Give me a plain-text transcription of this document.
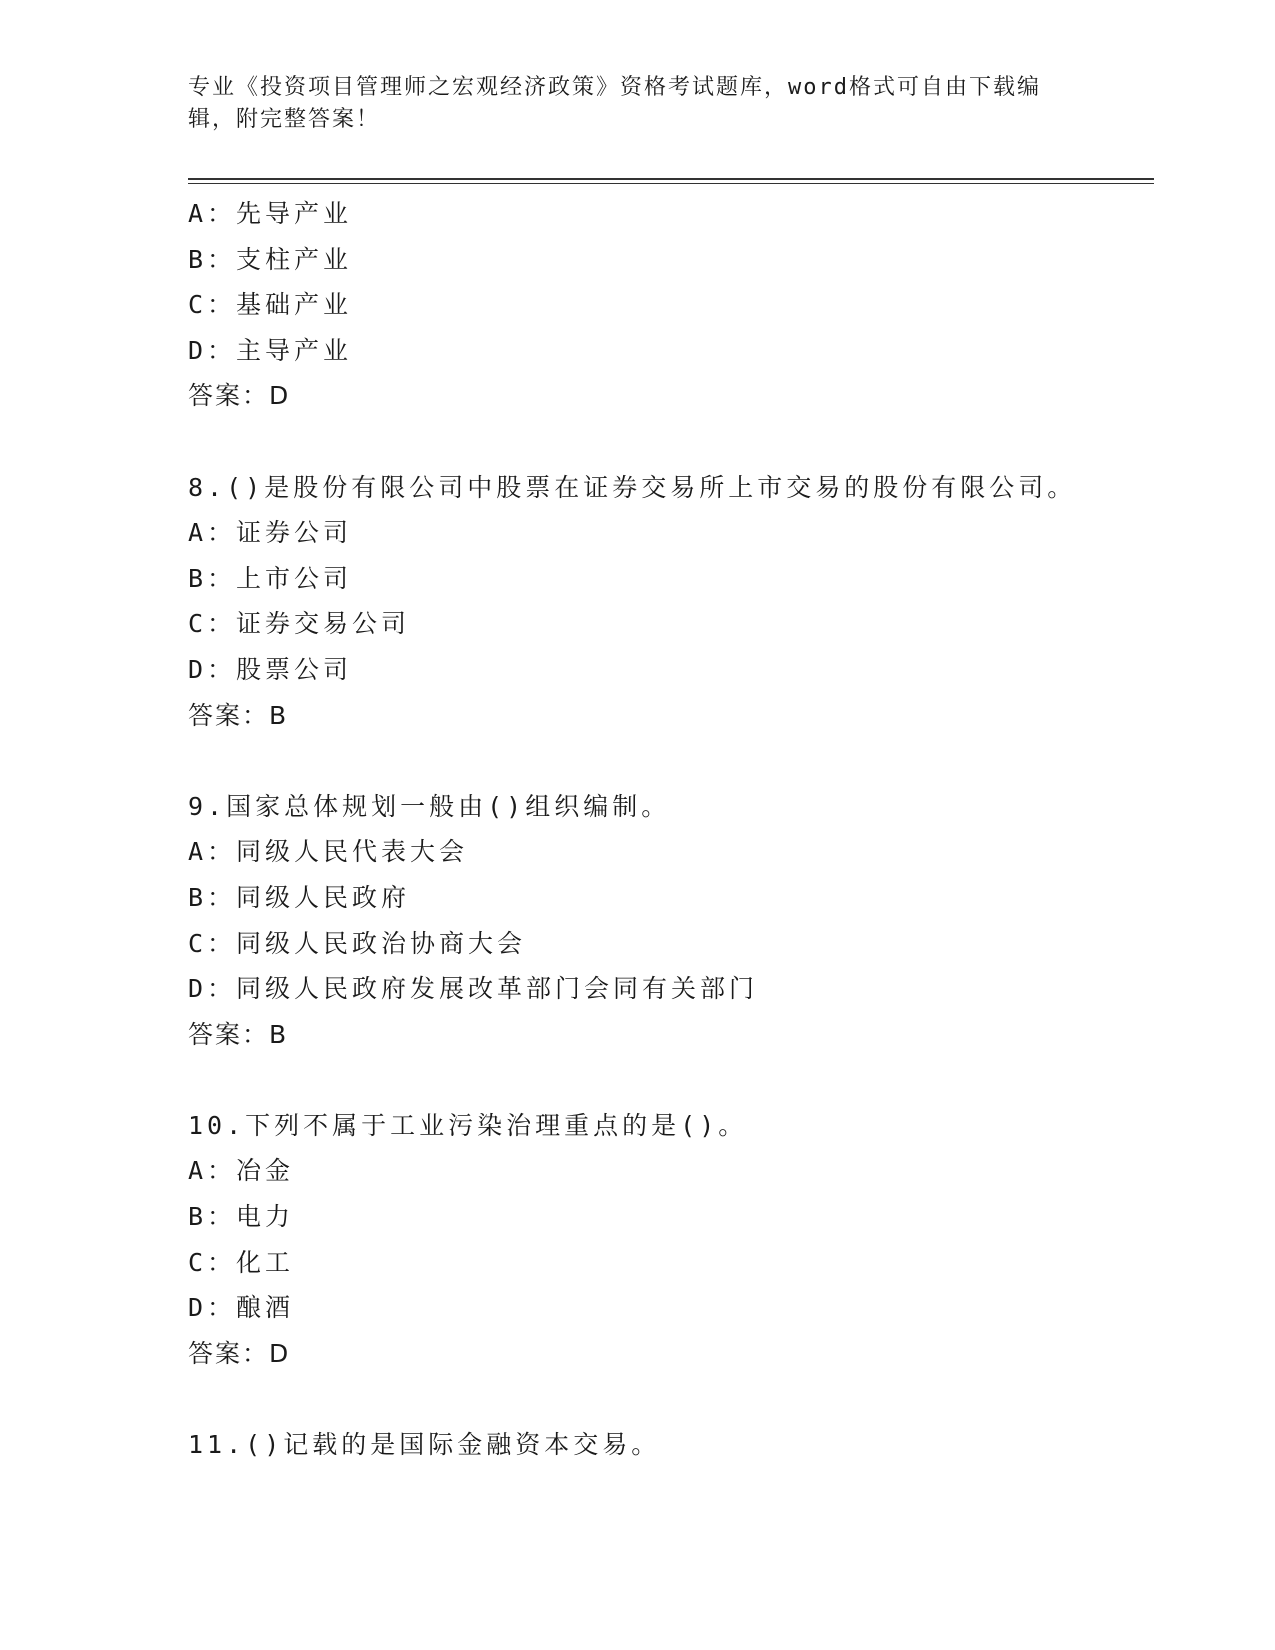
专业《投资项目管理师之宏观经济政策》资格考试题库，word格式可自由下载编
辑，附完整答案！
A：先导产业
B：支柱产业
C：基础产业
D：主导产业
答案：D
8.()是股份有限公司中股票在证券交易所上市交易的股份有限公司。
A：证券公司
B：上市公司
C：证券交易公司
D：股票公司
答案：B
9.国家总体规划一般由()组织编制。
A：同级人民代表大会
B：同级人民政府
C：同级人民政治协商大会
D：同级人民政府发展改革部门会同有关部门
答案：B
10.下列不属于工业污染治理重点的是()。
A：冶金
B：电力
C：化工
D：酿酒
答案：D
11.()记载的是国际金融资本交易。
